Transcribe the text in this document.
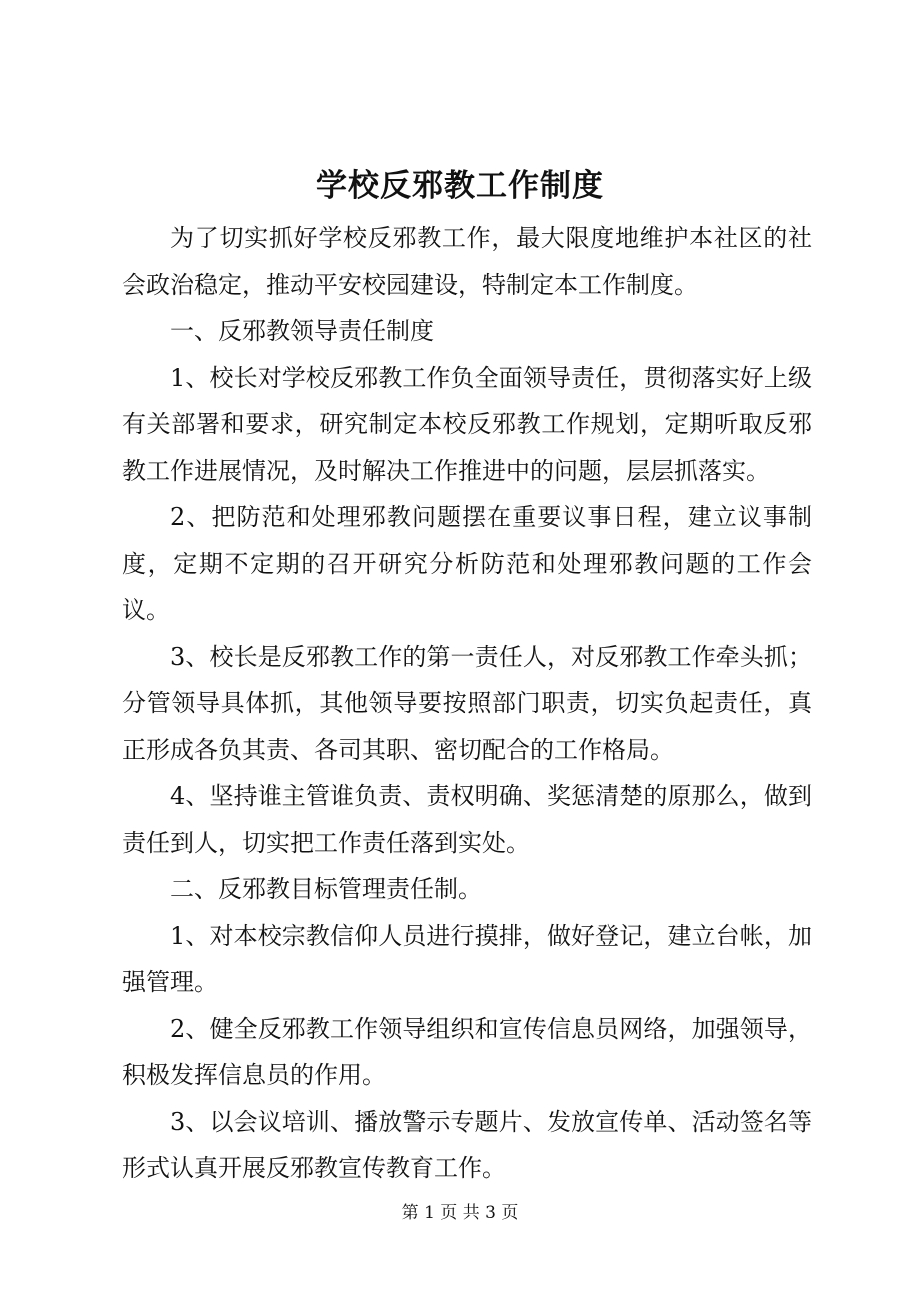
学校反邪教工作制度

为了切实抓好学校反邪教工作，最大限度地维护本社区的社会政治稳定，推动平安校园建设，特制定本工作制度。

一、反邪教领导责任制度

1、校长对学校反邪教工作负全面领导责任，贯彻落实好上级有关部署和要求，研究制定本校反邪教工作规划，定期听取反邪教工作进展情况，及时解决工作推进中的问题，层层抓落实。

2、把防范和处理邪教问题摆在重要议事日程，建立议事制度，定期不定期的召开研究分析防范和处理邪教问题的工作会议。

3、校长是反邪教工作的第一责任人，对反邪教工作牵头抓；分管领导具体抓，其他领导要按照部门职责，切实负起责任，真正形成各负其责、各司其职、密切配合的工作格局。

4、坚持谁主管谁负责、责权明确、奖惩清楚的原那么，做到责任到人，切实把工作责任落到实处。

二、反邪教目标管理责任制。

1、对本校宗教信仰人员进行摸排，做好登记，建立台帐，加强管理。

2、健全反邪教工作领导组织和宣传信息员网络，加强领导，积极发挥信息员的作用。

3、以会议培训、播放警示专题片、发放宣传单、活动签名等形式认真开展反邪教宣传教育工作。

第 1 页 共 3 页
